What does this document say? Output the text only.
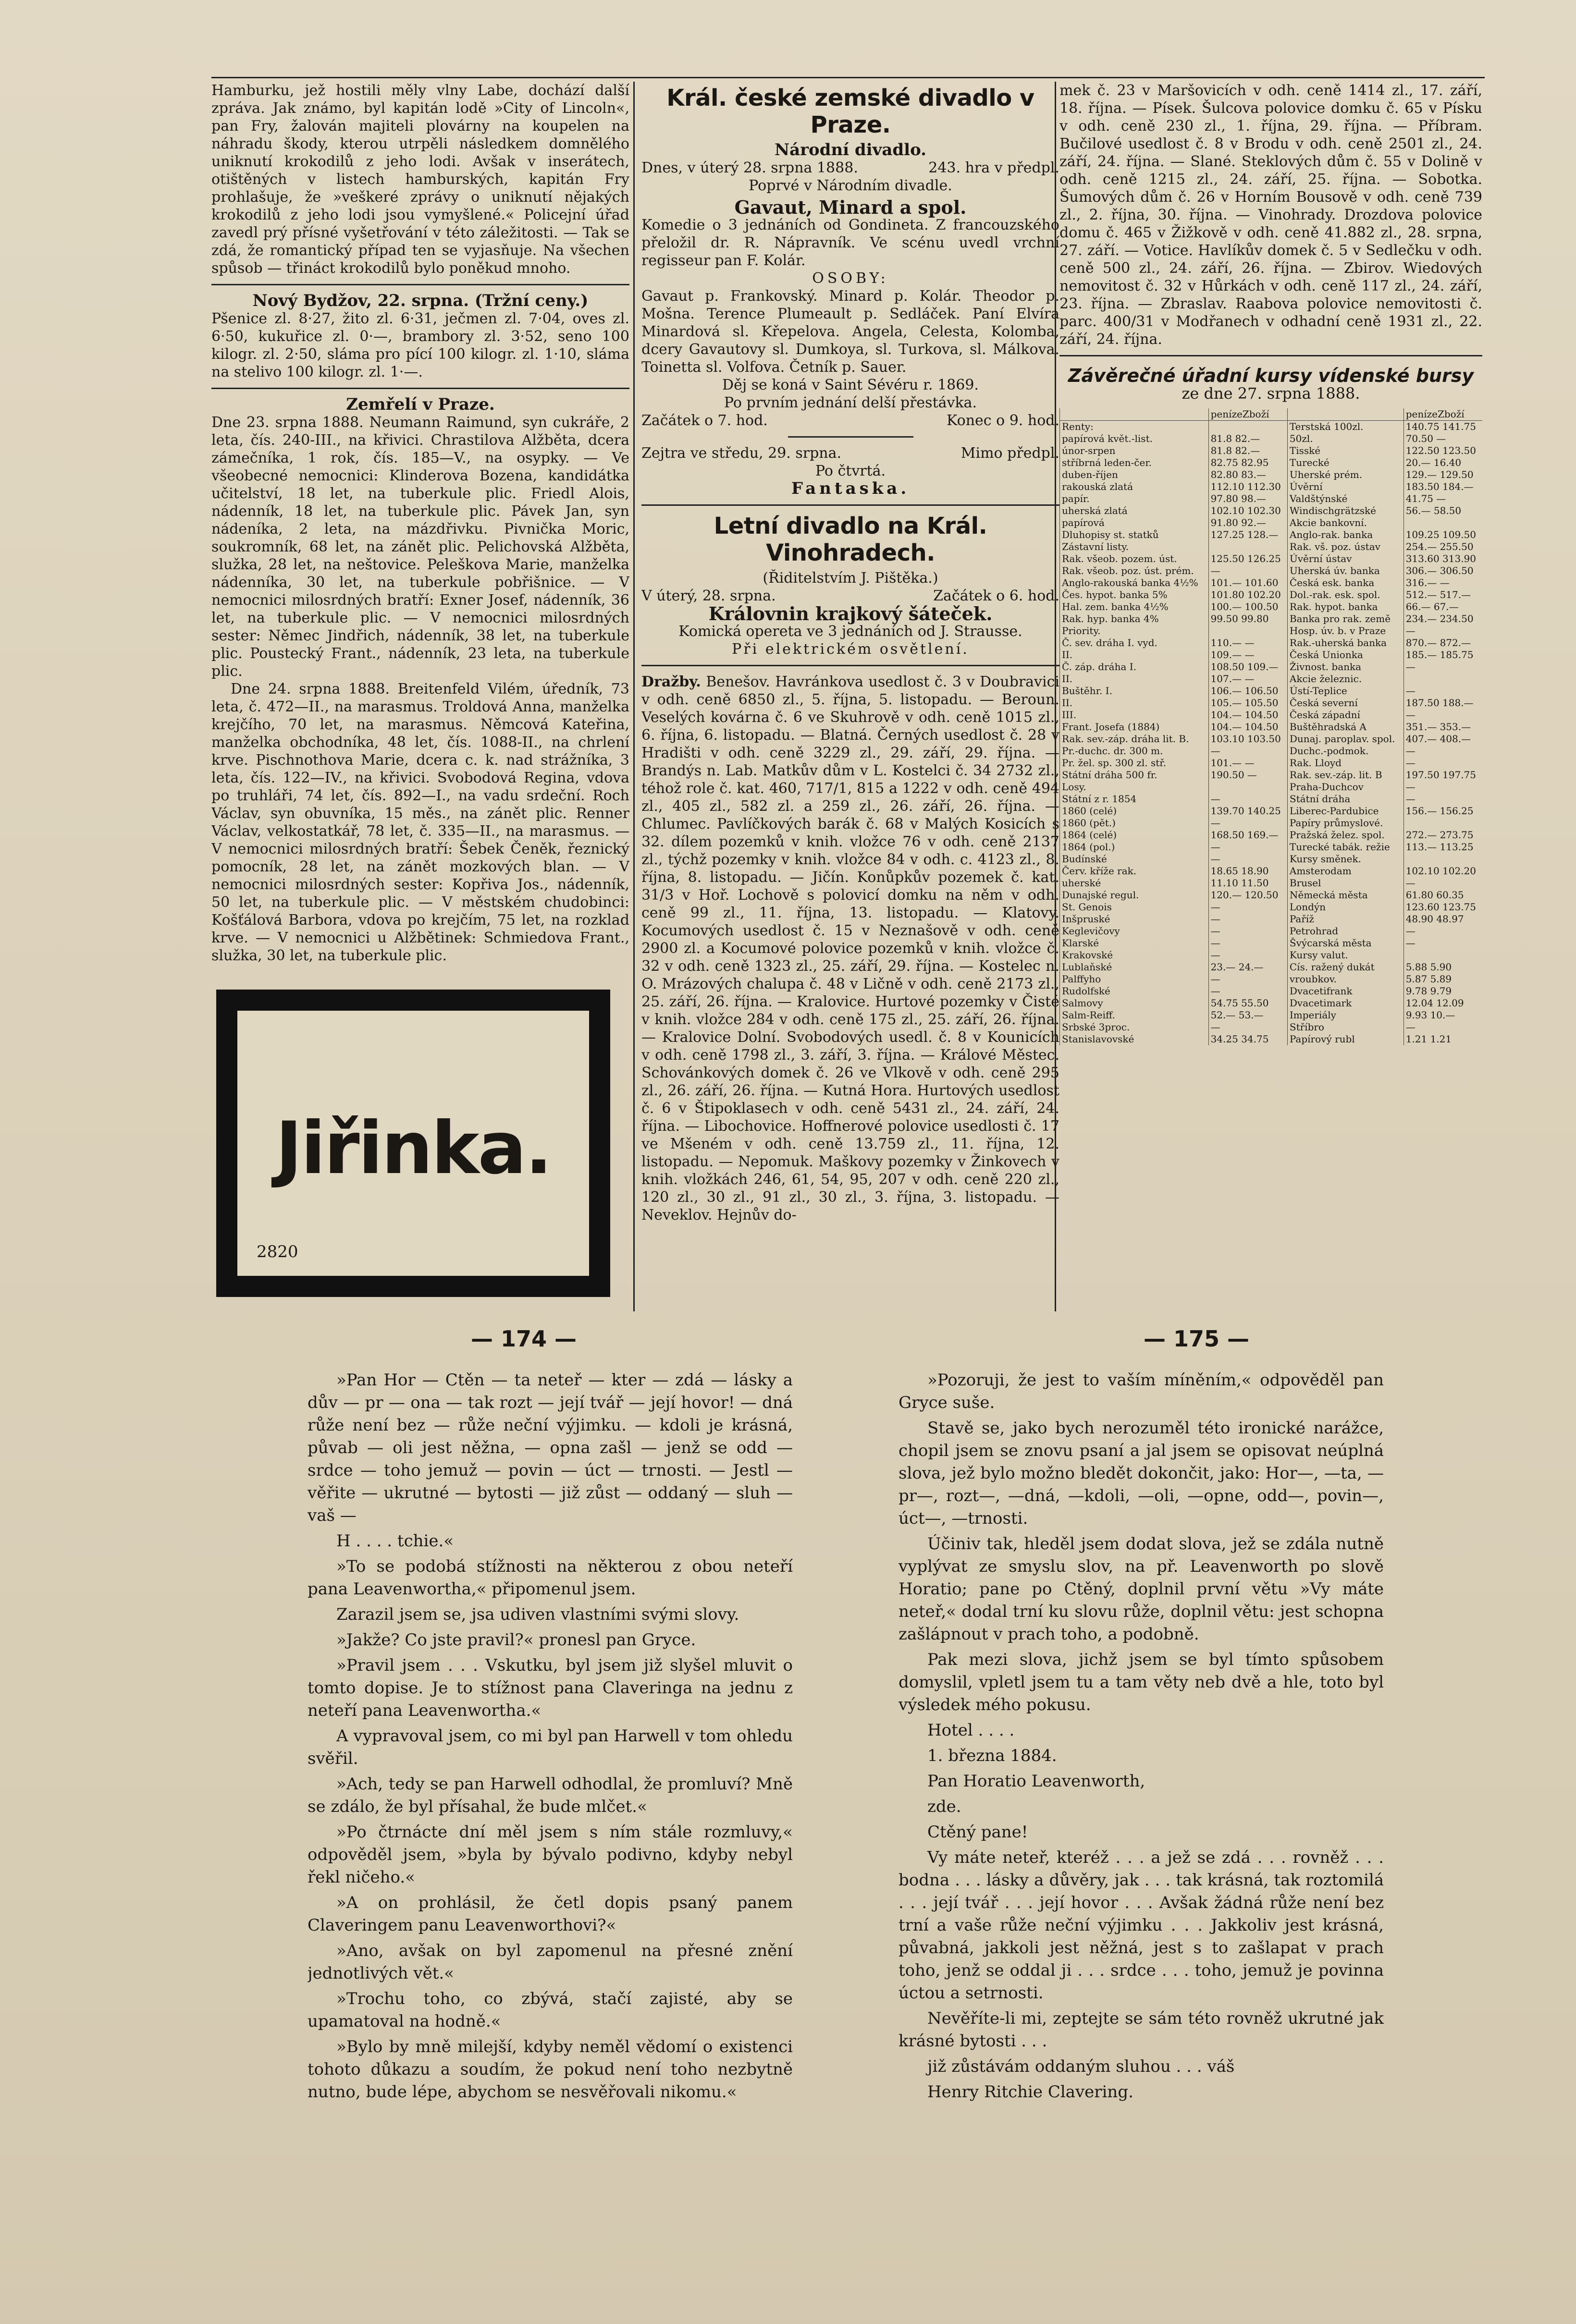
Hamburku, jež hostili měly vlny Labe, dochází další zpráva. Jak známo, byl kapitán lodě »City of Lincoln«, pan Fry, žalován majiteli plovárny na koupelen na náhradu škody, kterou utrpěli následkem domnělého uniknutí krokodilů z jeho lodi. Avšak v inserátech, otištěných v listech hamburských, kapitán Fry prohlašuje, že »veškeré zprávy o uniknutí nějakých krokodilů z jeho lodi jsou vymyšlené.« Policejní úřad zavedl prý přísné vyšetřování v této záležitosti. — Tak se zdá, že romantický případ ten se vyjasňuje. Na všechen spůsob — třináct krokodilů bylo poněkud mnoho.

Nový Bydžov, 22. srpna. (Tržní ceny.)

Pšenice zl. 8·27, žito zl. 6·31, ječmen zl. 7·04, oves zl. 6·50, kukuřice zl. 0·—, brambory zl. 3·52, seno 100 kilogr. zl. 2·50, sláma pro pící 100 kilogr. zl. 1·10, sláma na stelivo 100 kilogr. zl. 1·—.

Zemřelí v Praze.

Dne 23. srpna 1888. Neumann Raimund, syn cukráře, 2 leta, čís. 240-III., na křivici. Chrastilova Alžběta, dcera zámečníka, 1 rok, čís. 185—V., na osypky. — Ve všeobecné nemocnici: Klinderova Bozena, kandidátka učitelství, 18 let, na tuberkule plic. Friedl Alois, nádenník, 18 let, na tuberkule plic. Pávek Jan, syn nádeníka, 2 leta, na mázdřivku. Pivnička Moric, soukromník, 68 let, na zánět plic. Pelichovská Alžběta, služka, 28 let, na neštovice. Peleškova Marie, manželka nádenníka, 30 let, na tuberkule pobřišnice. — V nemocnici milosrdných bratří: Exner Josef, nádenník, 36 let, na tuberkule plic. — V nemocnici milosrdných sester: Němec Jindřich, nádenník, 38 let, na tuberkule plic. Poustecký Frant., nádenník, 23 leta, na tuberkule plic.

Dne 24. srpna 1888. Breitenfeld Vilém, úředník, 73 leta, č. 472—II., na marasmus. Troldová Anna, manželka krejčího, 70 let, na marasmus. Němcová Kateřina, manželka obchodníka, 48 let, čís. 1088-II., na chrlení krve. Pischnothova Marie, dcera c. k. nad strážníka, 3 leta, čís. 122—IV., na křivici. Svobodová Regina, vdova po truhláři, 74 let, čís. 892—I., na vadu srdeční. Roch Václav, syn obuvníka, 15 měs., na zánět plic. Renner Václav, velkostatkář, 78 let, č. 335—II., na marasmus. — V nemocnici milosrdných bratří: Šebek Čeněk, řeznický pomocník, 28 let, na zánět mozkových blan. — V nemocnici milosrdných sester: Kopřiva Jos., nádenník, 50 let, na tuberkule plic. — V městském chudobinci: Košťálová Barbora, vdova po krejčím, 75 let, na rozklad krve. — V nemocnici u Alžbětinek: Schmiedova Frant., služka, 30 let, na tuberkule plic.

Jiřinka.
2820
Král. české zemské divadlo v Praze.

Národní divadlo.

Dnes, v úterý 28. srpna 1888.	243. hra v předpl.

Poprvé v Národním divadle.

Gavaut, Minard a spol.

Komedie o 3 jednáních od Gondineta. Z francouzského přeložil dr. R. Nápravník. Ve scénu uvedl vrchní regisseur pan F. Kolár.

OSOBY:

Gavaut p. Frankovský. Minard p. Kolár. Theodor p. Mošna. Terence Plumeault p. Sedláček. Paní Elvíra Minardová sl. Křepelova. Angela, Celesta, Kolomba, dcery Gavautovy sl. Dumkoya, sl. Turkova, sl. Málkova. Toinetta sl. Volfova. Četník p. Sauer.

Děj se koná v Saint Sévéru r. 1869.

Po prvním jednání delší přestávka.

Začátek o 7. hod.	Konec o 9. hod.
Zejtra ve středu, 29. srpna.	Mimo předpl.

Po čtvrtá.

Fantaska.

Letní divadlo na Král. Vinohradech.

(Řiditelstvím J. Pištěka.)

V úterý, 28. srpna.	Začátek o 6. hod.

Královnin krajkový šáteček.

Komická opereta ve 3 jednáních od J. Strausse.

Při elektrickém osvětlení.

Dražby. Benešov. Havránkova usedlost č. 3 v Doubravici v odh. ceně 6850 zl., 5. října, 5. listopadu. — Beroun. Veselých kovárna č. 6 ve Skuhrově v odh. ceně 1015 zl., 6. října, 6. listopadu. — Blatná. Černých usedlost č. 28 v Hradišti v odh. ceně 3229 zl., 29. září, 29. října. — Brandýs n. Lab. Matkův dům v L. Kostelci č. 34 2732 zl., téhož role č. kat. 460, 717/1, 815 a 1222 v odh. ceně 494 zl., 405 zl., 582 zl. a 259 zl., 26. září, 26. října. — Chlumec. Pavlíčkových barák č. 68 v Malých Kosicích s 32. dílem pozemků v knih. vložce 76 v odh. ceně 2137 zl., týchž pozemky v knih. vložce 84 v odh. c. 4123 zl., 8. října, 8. listopadu. — Jičín. Konůpkův pozemek č. kat. 31/3 v Hoř. Lochově s polovicí domku na něm v odh. ceně 99 zl., 11. října, 13. listopadu. — Klatovy. Kocumových usedlost č. 15 v Neznašově v odh. ceně 2900 zl. a Kocumové polovice pozemků v knih. vložce č. 32 v odh. ceně 1323 zl., 25. září, 29. října. — Kostelec n. O. Mrázových chalupa č. 48 v Ličně v odh. ceně 2173 zl., 25. září, 26. října. — Kralovice. Hurtové pozemky v Čisté v knih. vložce 284 v odh. ceně 175 zl., 25. září, 26. října. — Kralovice Dolní. Svobodových usedl. č. 8 v Kounicích v odh. ceně 1798 zl., 3. září, 3. října. — Králové Městec. Schovánkových domek č. 26 ve Vlkově v odh. ceně 295 zl., 26. září, 26. října. — Kutná Hora. Hurtových usedlost č. 6 v Štipoklasech v odh. ceně 5431 zl., 24. září, 24. října. — Libochovice. Hoffnerové polovice usedlosti č. 17 ve Mšeném v odh. ceně 13.759 zl., 11. října, 12. listopadu. — Nepomuk. Maškovy pozemky v Žinkovech v knih. vložkách 246, 61, 54, 95, 207 v odh. ceně 220 zl., 120 zl., 30 zl., 91 zl., 30 zl., 3. října, 3. listopadu. — Neveklov. Hejnův do-

mek č. 23 v Maršovicích v odh. ceně 1414 zl., 17. září, 18. října. — Písek. Šulcova polovice domku č. 65 v Písku v odh. ceně 230 zl., 1. října, 29. října. — Příbram. Bučilové usedlost č. 8 v Brodu v odh. ceně 2501 zl., 24. září, 24. října. — Slané. Steklových dům č. 55 v Dolině v odh. ceně 1215 zl., 24. září, 25. října. — Sobotka. Šumových dům č. 26 v Horním Bousově v odh. ceně 739 zl., 2. října, 30. října. — Vinohrady. Drozdova polovice domu č. 465 v Žižkově v odh. ceně 41.882 zl., 28. srpna, 27. září. — Votice. Havlíkův domek č. 5 v Sedlečku v odh. ceně 500 zl., 24. září, 26. října. — Zbirov. Wiedových nemovitost č. 32 v Hůrkách v odh. ceně 117 zl., 24. září, 23. října. — Zbraslav. Raabova polovice nemovitosti č. parc. 400/31 v Modřanech v odhadní ceně 1931 zl., 22. září, 24. října.

Závěrečné úřadní kursy vídenské bursy

ze dne 27. srpna 1888.

	penízeZboží		penízeZboží
Renty:		Terstská 100zl.	140.75 141.75
papírová květ.-list.	81.8 82.—	50zl.	70.50 —
únor-srpen	81.8 82.—	Tisské	122.50 123.50
stříbrná leden-čer.	82.75 82.95	Turecké	20.— 16.40
duben-říjen	82.80 83.—	Uherské prém.	129.— 129.50
rakouská zlatá	112.10 112.30	Úvěrní	183.50 184.—
papír.	97.80 98.—	Valdštýnské	41.75 —
uherská zlatá	102.10 102.30	Windischgrätzské	56.— 58.50
papírová	91.80 92.—	Akcie bankovní.	
Dluhopisy st. statků	127.25 128.—	Anglo-rak. banka	109.25 109.50
Zástavní listy.		Rak. vš. poz. ústav	254.— 255.50
Rak. všeob. pozem. úst.	125.50 126.25	Úvěrní ústav	313.60 313.90
Rak. všeob. poz. úst. prém.	—	Uherská úv. banka	306.— 306.50
Anglo-rakouská banka 4½%	101.— 101.60	Česká esk. banka	316.— —
Čes. hypot. banka 5%	101.80 102.20	Dol.-rak. esk. spol.	512.— 517.—
Hal. zem. banka 4½%	100.— 100.50	Rak. hypot. banka	66.— 67.—
Rak. hyp. banka 4%	99.50 99.80	Banka pro rak. země	234.— 234.50
Priority.		Hosp. úv. b. v Praze	—
Č. sev. dráha I. vyd.	110.— —	Rak.-uherská banka	870.— 872.—
II.	109.— —	Česká Unionka	185.— 185.75
Č. záp. dráha I.	108.50 109.—	Živnost. banka	—
II.	107.— —	Akcie železnic.	
Buštěhr. I.	106.— 106.50	Ústí-Teplice	—
II.	105.— 105.50	Česká severní	187.50 188.—
III.	104.— 104.50	Česká západní	—
Frant. Josefa (1884)	104.— 104.50	Buštěhradská A	351.— 353.—
Rak. sev.-záp. dráha lit. B.	103.10 103.50	Dunaj. paroplav. spol.	407.— 408.—
Pr.-duchc. dr. 300 m.	—	Duchc.-podmok.	—
Pr. žel. sp. 300 zl. stř.	101.— —	Rak. Lloyd	—
Státní dráha 500 fr.	190.50 —	Rak. sev.-záp. lit. B	197.50 197.75
Losy.		Praha-Duchcov	—
Státní z r. 1854	—	Státní dráha	—
1860 (celé)	139.70 140.25	Liberec-Pardubice	156.— 156.25
1860 (pět.)	—	Papíry průmyslové.	
1864 (celé)	168.50 169.—	Pražská želez. spol.	272.— 273.75
1864 (pol.)	—	Turecké tabák. režie	113.— 113.25
Budínské	—	Kursy směnek.	
Červ. kříže rak.	18.65 18.90	Amsterodam	102.10 102.20
uherské	11.10 11.50	Brusel	—
Dunajské regul.	120.— 120.50	Německá města	61.80 60.35
St. Genois	—	Londýn	123.60 123.75
Inšpruské	—	Paříž	48.90 48.97
Keglevičovy	—	Petrohrad	—
Klarské	—	Švýcarská města	—
Krakovské	—	Kursy valut.	
Lublaňské	23.— 24.—	Cís. ražený dukát	5.88 5.90
Palffyho	—	vroubkov.	5.87 5.89
Rudolfské	—	Dvacetifrank	9.78 9.79
Salmovy	54.75 55.50	Dvacetimark	12.04 12.09
Salm-Reiff.	52.— 53.—	Imperiály	9.93 10.—
Srbské 3proc.	—	Stříbro	—
Stanislavovské	34.25 34.75	Papírový rubl	1.21 1.21
— 174 —	— 175 —

»Pan Hor — Ctěn — ta neteř — kter — zdá — lásky a dův — pr — ona — tak rozt — její tvář — její hovor! — dná růže není bez — růže neční výjimku. — kdoli je krásná, půvab — oli jest něžna, — opna zašl — jenž se odd — srdce — toho jemuž — povin — úct — trnosti. — Jestl — věřite — ukrutné — bytosti — již zůst — oddaný — sluh — vaš —

H . . . . tchie.«

»To se podobá stížnosti na některou z obou neteří pana Leavenwortha,« připomenul jsem.

Zarazil jsem se, jsa udiven vlastními svými slovy.

»Jakže? Co jste pravil?« pronesl pan Gryce.

»Pravil jsem . . . Vskutku, byl jsem již slyšel mluvit o tomto dopise. Je to stížnost pana Claveringa na jednu z neteří pana Leavenwortha.«

A vypravoval jsem, co mi byl pan Harwell v tom ohledu svěřil.

»Ach, tedy se pan Harwell odhodlal, že promluví? Mně se zdálo, že byl přísahal, že bude mlčet.«

»Po čtrnácte dní měl jsem s ním stále rozmluvy,« odpověděl jsem, »byla by bývalo podivno, kdyby nebyl řekl ničeho.«

»A on prohlásil, že četl dopis psaný panem Claveringem panu Leavenworthovi?«

»Ano, avšak on byl zapomenul na přesné znění jednotlivých vět.«

»Trochu toho, co zbývá, stačí zajisté, aby se upamatoval na hodně.«

»Bylo by mně milejší, kdyby neměl vědomí o existenci tohoto důkazu a soudím, že pokud není toho nezbytně nutno, bude lépe, abychom se nesvěřovali nikomu.«

»Pozoruji, že jest to vaším míněním,« odpověděl pan Gryce suše.

Stavě se, jako bych nerozuměl této ironické narážce, chopil jsem se znovu psaní a jal jsem se opisovat neúplná slova, jež bylo možno bledět dokončit, jako: Hor—, —ta, —pr—, rozt—, —dná, —kdoli, —oli, —opne, odd—, povin—, úct—, —trnosti.

Účiniv tak, hleděl jsem dodat slova, jež se zdála nutně vyplývat ze smyslu slov, na př. Leavenworth po slově Horatio; pane po Ctěný, doplnil první větu »Vy máte neteř,« dodal trní ku slovu růže, doplnil větu: jest schopna zašlápnout v prach toho, a podobně.

Pak mezi slova, jichž jsem se byl tímto spůsobem domyslil, vpletl jsem tu a tam věty neb dvě a hle, toto byl výsledek mého pokusu.

Hotel . . . .

1. března 1884.

Pan Horatio Leavenworth,

zde.

Ctěný pane!

Vy máte neteř, kteréž . . . a jež se zdá . . . rovněž . . . bodna . . . lásky a důvěry, jak . . . tak krásná, tak roztomilá . . . její tvář . . . její hovor . . . Avšak žádná růže není bez trní a vaše růže neční výjimku . . . Jakkoliv jest krásná, půvabná, jakkoli jest něžná, jest s to zašlapat v prach toho, jenž se oddal ji . . . srdce . . . toho, jemuž je povinna úctou a setrnosti.

Nevěříte-li mi, zeptejte se sám této rovněž ukrutné jak krásné bytosti . . .

již zůstávám oddaným sluhou . . . váš

Henry Ritchie Clavering.
